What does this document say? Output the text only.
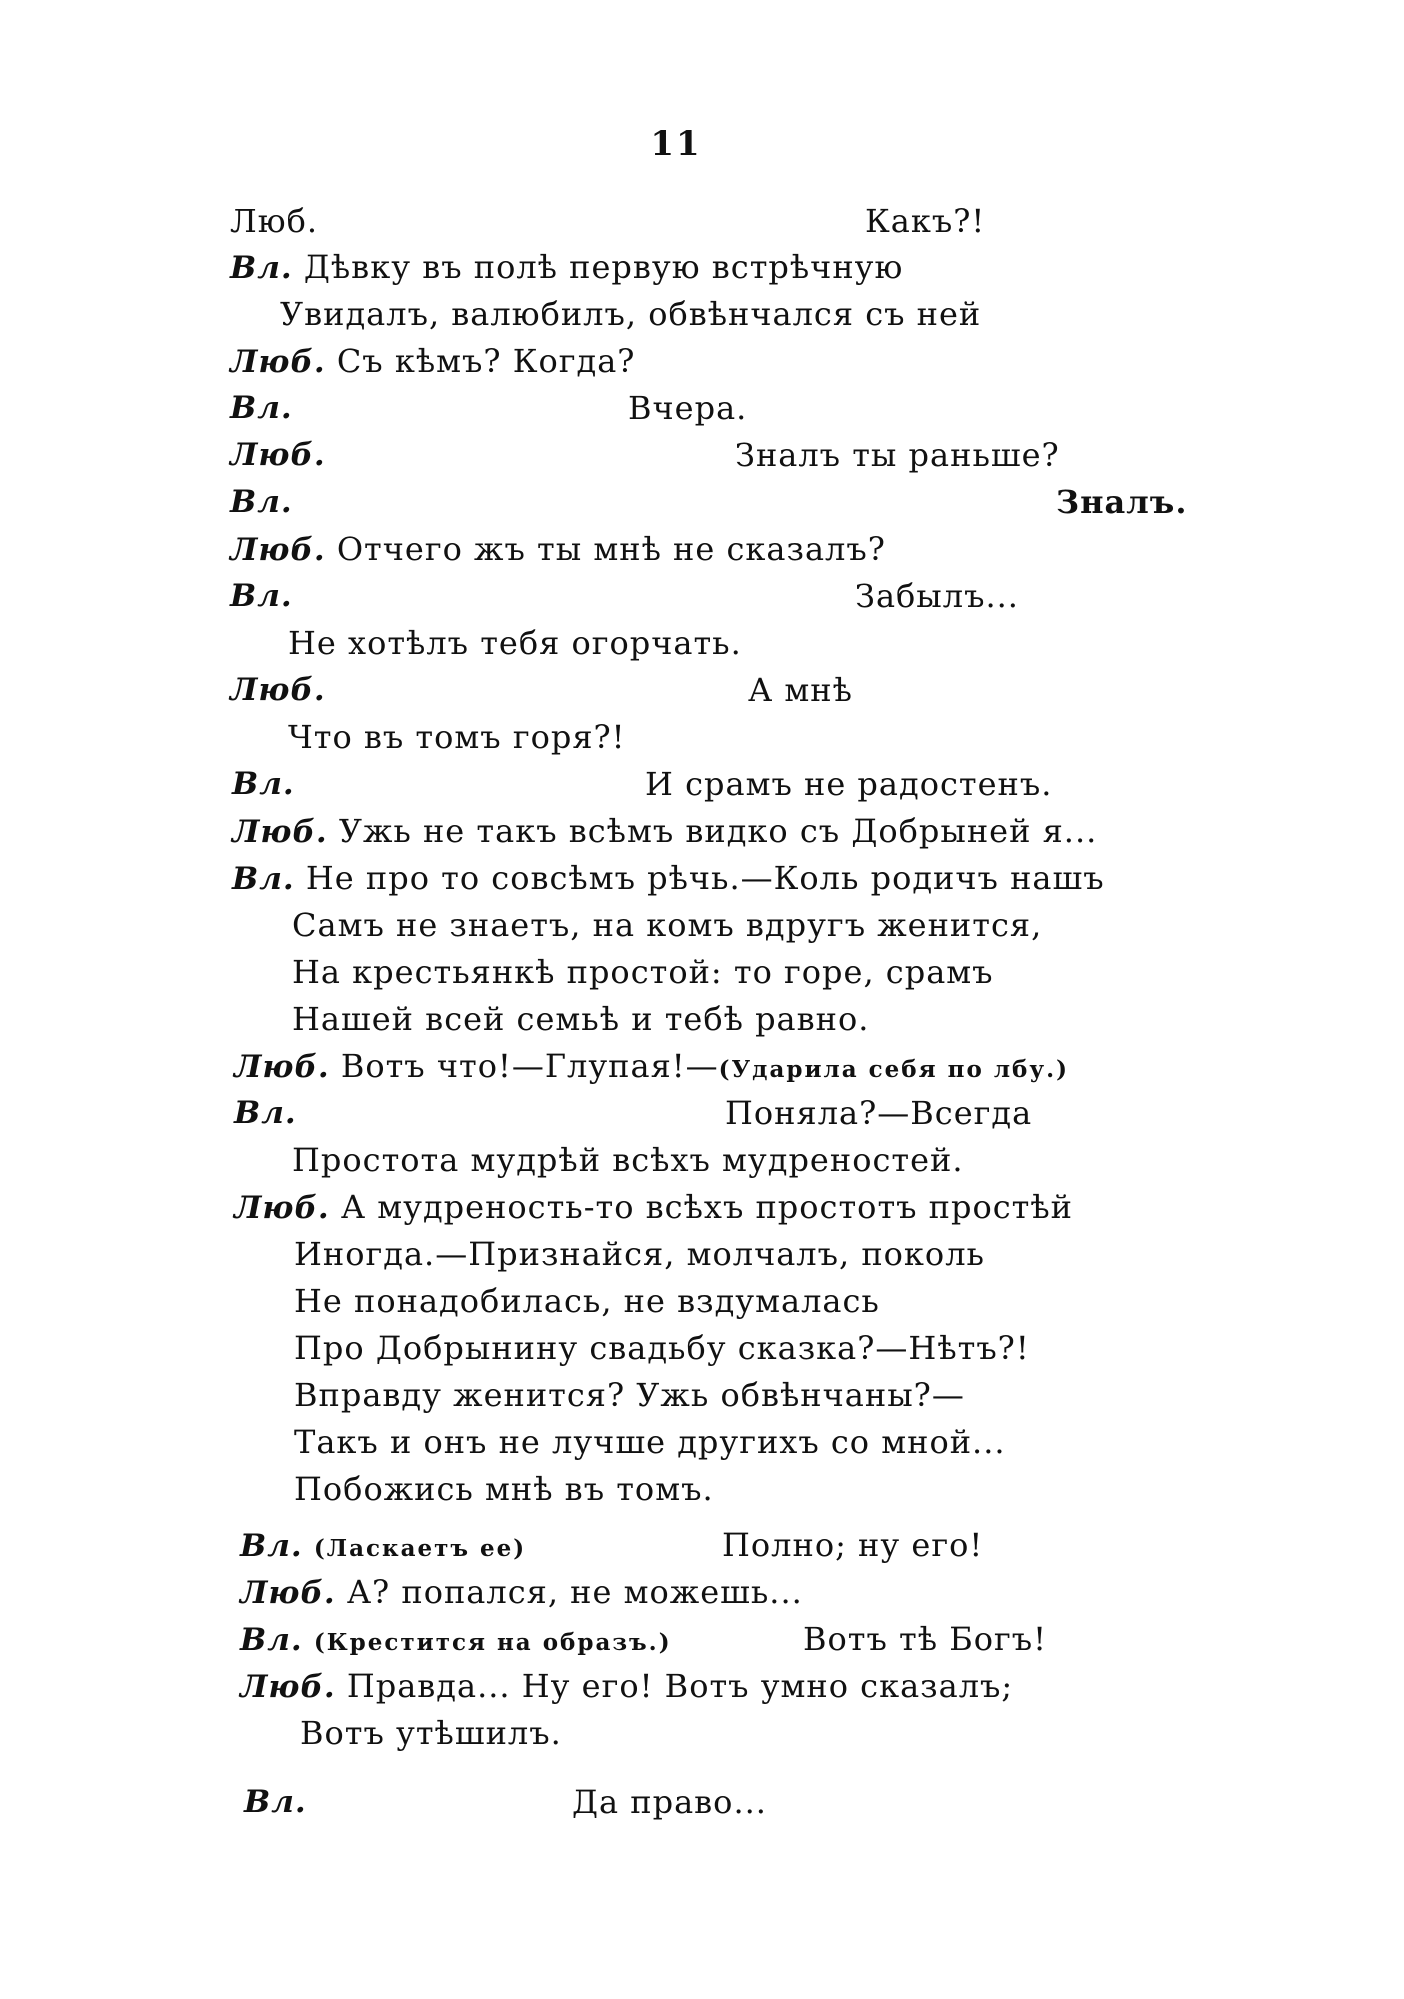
11
Люб.	Какъ?!
Вл. Дѣвку въ полѣ первую встрѣчную
Увидалъ, валюбилъ, обвѣнчался съ ней
Люб. Съ кѣмъ? Когда?
Вл.	Вчера.
Люб.	Зналъ ты раньше?
Вл.	Зналъ.
Люб. Отчего жъ ты мнѣ не сказалъ?
Вл.	Забылъ...
Не хотѣлъ тебя огорчать.
Люб.	А мнѣ
Что въ томъ горя?!
Вл.	И срамъ не радостенъ.
Люб. Ужь не такъ всѣмъ видко съ Добрыней я...
Вл. Не про то совсѣмъ рѣчь.—Коль родичъ нашъ
Самъ не знаетъ, на комъ вдругъ женится,
На крестьянкѣ простой: то горе, срамъ
Нашей всей семьѣ и тебѣ равно.
Люб. Вотъ что!—Глупая!—(Ударила себя по лбу.)
Вл.	Поняла?—Всегда
Простота мудрѣй всѣхъ мудреностей.
Люб. А мудреность-то всѣхъ простотъ простѣй
Иногда.—Признайся, молчалъ, поколь
Не понадобилась, не вздумалась
Про Добрынину свадьбу сказка?—Нѣтъ?!
Вправду женится? Ужь обвѣнчаны?—
Такъ и онъ не лучше другихъ со мной...
Побожись мнѣ въ томъ.
Вл. (Ласкаетъ ее)	Полно; ну его!
Люб. А? попался, не можешь...
Вл. (Крестится на образъ.)	Вотъ тѣ Богъ!
Люб. Правда... Ну его! Вотъ умно сказалъ;
Вотъ утѣшилъ.
Вл.	Да право...
